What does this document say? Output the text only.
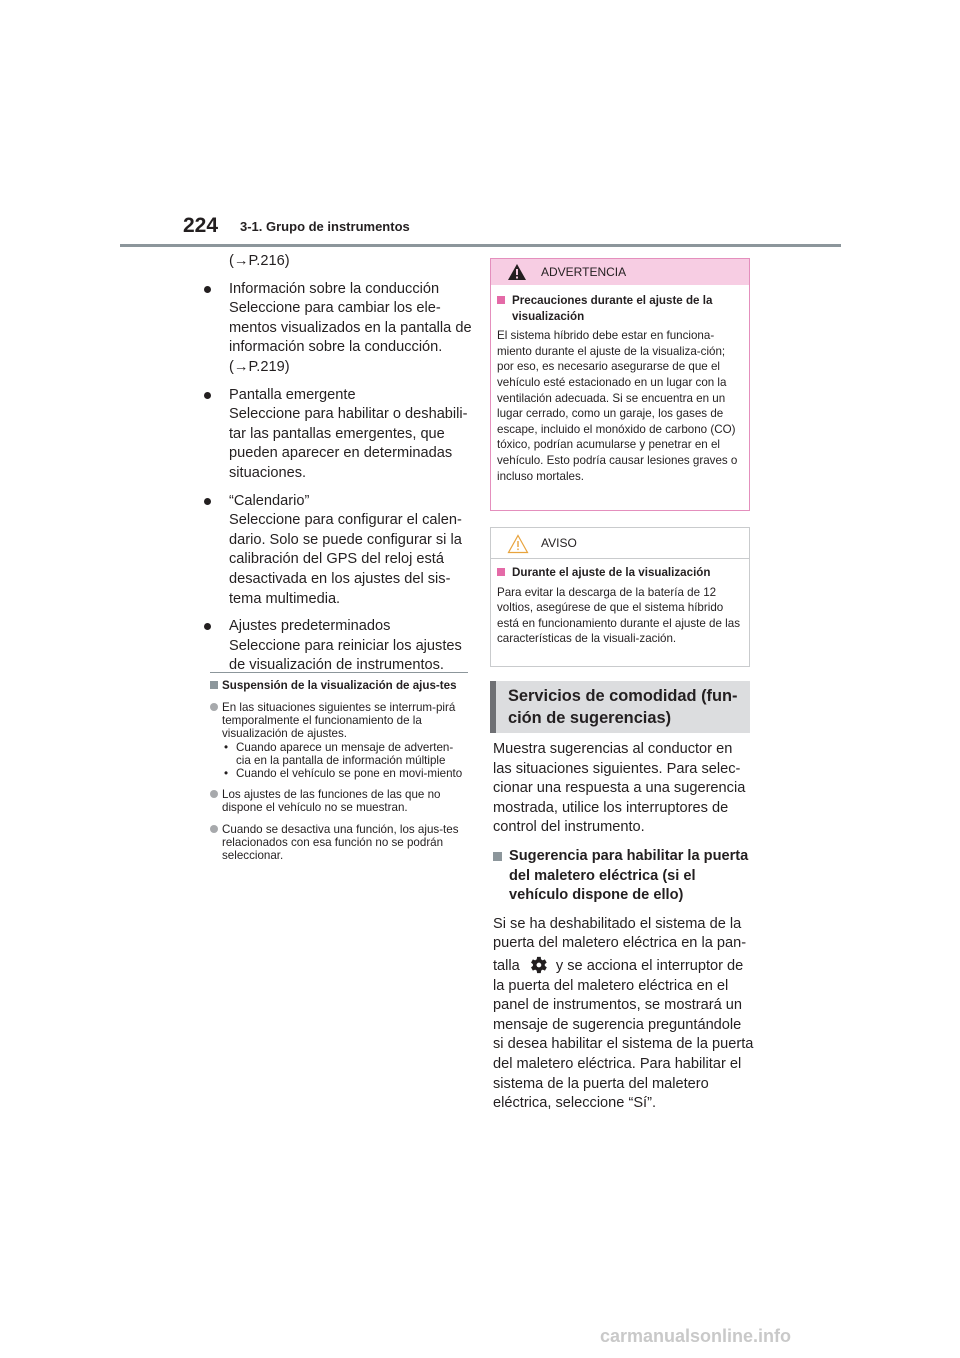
224 3-1. Grupo de instrumentos
(→P.216)
Información sobre la conducción
Seleccione para cambiar los ele-mentos visualizados en la pantalla de información sobre la conducción.
(→P.219)
Pantalla emergente
Seleccione para habilitar o deshabili-tar las pantallas emergentes, que pueden aparecer en determinadas situaciones.
“Calendario”
Seleccione para configurar el calen-dario. Solo se puede configurar si la calibración del GPS del reloj está desactivada en los ajustes del sis-tema multimedia.
Ajustes predeterminados
Seleccione para reiniciar los ajustes de visualización de instrumentos.
Suspensión de la visualización de ajus-tes
En las situaciones siguientes se interrum-pirá temporalmente el funcionamiento de la visualización de ajustes.
• Cuando aparece un mensaje de adverten-cia en la pantalla de información múltiple
• Cuando el vehículo se pone en movi-miento
Los ajustes de las funciones de las que no dispone el vehículo no se muestran.
Cuando se desactiva una función, los ajus-tes relacionados con esa función no se podrán seleccionar.
ADVERTENCIA
Precauciones durante el ajuste de la visualización
El sistema híbrido debe estar en funciona-miento durante el ajuste de la visualiza-ción; por eso, es necesario asegurarse de que el vehículo esté estacionado en un lugar con la ventilación adecuada. Si se encuentra en un lugar cerrado, como un garaje, los gases de escape, incluido el monóxido de carbono (CO) tóxico, podrían acumularse y penetrar en el vehículo. Esto podría causar lesiones graves o incluso mortales.
AVISO
Durante el ajuste de la visualización
Para evitar la descarga de la batería de 12 voltios, asegúrese de que el sistema híbrido está en funcionamiento durante el ajuste de las características de la visuali-zación.
Servicios de comodidad (fun-ción de sugerencias)
Muestra sugerencias al conductor en las situaciones siguientes. Para selec-cionar una respuesta a una sugerencia mostrada, utilice los interruptores de control del instrumento.
Sugerencia para habilitar la puerta del maletero eléctrica (si el vehículo dispone de ello)
Si se ha deshabilitado el sistema de la puerta del maletero eléctrica en la pan-talla y se acciona el interruptor de la puerta del maletero eléctrica en el panel de instrumentos, se mostrará un mensaje de sugerencia preguntándole si desea habilitar el sistema de la puerta del maletero eléctrica. Para habilitar el sistema de la puerta del maletero eléctrica, seleccione “Sí”.
carmanualsonline.info
